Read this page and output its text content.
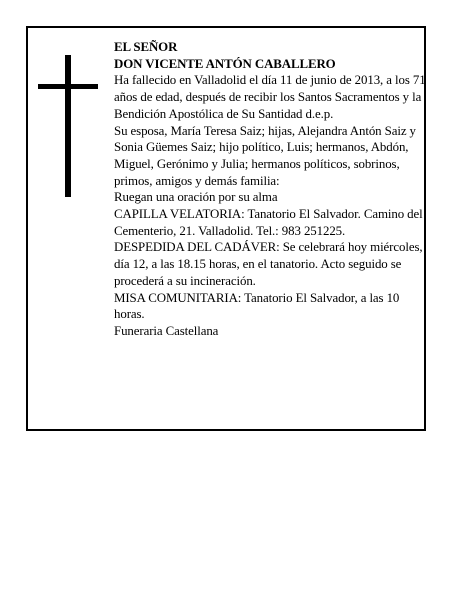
EL SEÑOR

DON VICENTE ANTÓN CABALLERO

Ha fallecido en Valladolid el día 11 de junio de 2013, a los 71 años de edad, después de recibir los Santos Sacramentos y la Bendición Apostólica de Su Santidad d.e.p.

Su esposa, María Teresa Saiz; hijas, Alejandra Antón Saiz y Sonia Güemes Saiz; hijo político, Luis; hermanos, Abdón, Miguel, Gerónimo y Julia; hermanos políticos, sobrinos, primos, amigos y demás familia:

Ruegan una oración por su alma

CAPILLA VELATORIA: Tanatorio El Salvador. Camino del Cementerio, 21. Valladolid. Tel.: 983 251225.

DESPEDIDA DEL CADÁVER: Se celebrará hoy miércoles, día 12, a las 18.15 horas, en el tanatorio. Acto seguido se procederá a su incineración.

MISA COMUNITARIA: Tanatorio El Salvador, a las 10 horas.

Funeraria Castellana
